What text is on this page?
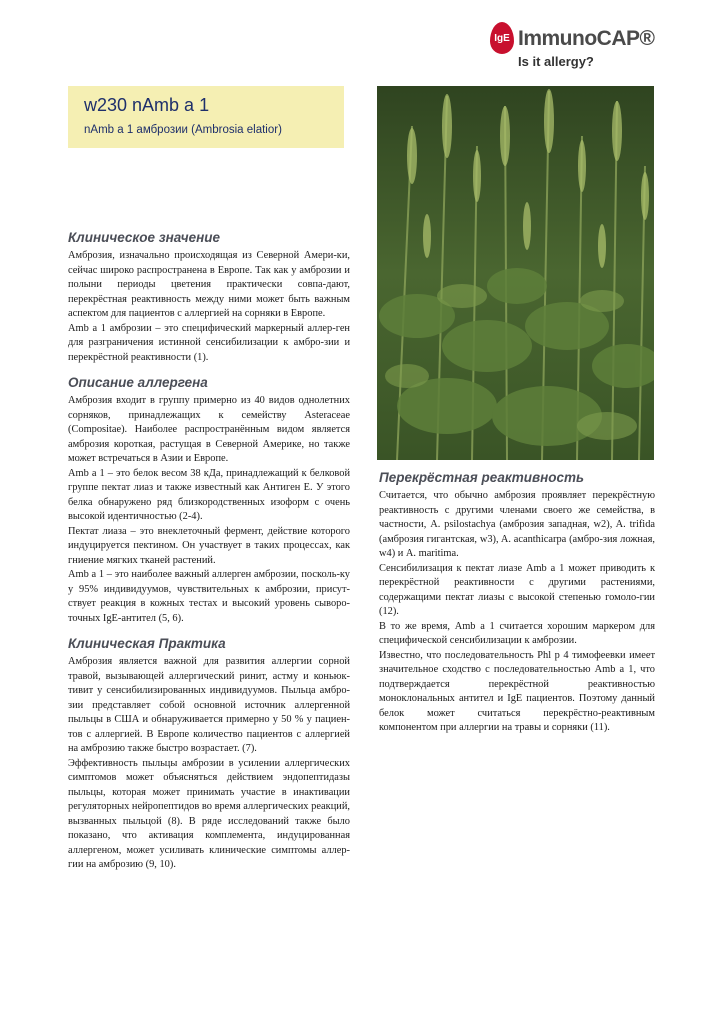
IgE ImmunoCAP®
Is it allergy?
w230 nAmb a 1
nAmb a 1 амброзии (Ambrosia elatior)
Клиническое значение

Амброзия, изначально происходящая из Северной Амери-ки, сейчас широко распространена в Европе. Так как у амброзии и полыни периоды цветения практически совпа-дают, перекрёстная реактивность между ними может быть важным аспектом для пациентов с аллергией на сорняки в Европе.

Amb a 1 амброзии – это специфический маркерный аллер-ген для разграничения истинной сенсибилизации к амбро-зии и перекрёстной реактивности (1).

Описание аллергена

Амброзия входит в группу примерно из 40 видов однолетних сорняков, принадлежащих к семейству Asteraceae (Compositae). Наиболее распространённым видом является амброзия короткая, растущая в Северной Америке, но также может встречаться в Азии и Европе.

Amb a 1 – это белок весом 38 кДа, принадлежащий к белковой группе пектат лиаз и также известный как Антиген E. У этого белка обнаружено ряд близкородственных изоформ с очень высокой идентичностью (2-4).

Пектат лиаза – это внеклеточный фермент, действие которого индуцируется пектином. Он участвует в таких процессах, как гниение мягких тканей растений.

Amb a 1 – это наиболее важный аллерген амброзии, посколь-ку у 95% индивидуумов, чувствительных к амброзии, присут-ствует реакция в кожных тестах и высокий уровень сыворо-точных IgE-антител (5, 6).

Клиническая Практика

Амброзия является важной для развития аллергии сорной травой, вызывающей аллергический ринит, астму и коньюк-тивит у сенсибилизированных индивидуумов. Пыльца амбро-зии представляет собой основной источник аллергенной пыльцы в США и обнаруживается примерно у 50 % у пациен-тов с аллергией. В Европе количество пациентов с аллергией на амброзию также быстро возрастает. (7).

Эффективность пыльцы амброзии в усилении аллергических симптомов может объясняться действием эндопептидазы пыльцы, которая может принимать участие в инактивации регуляторных нейропептидов во время аллергических реакций, вызванных пыльцой (8). В ряде исследований также было показано, что активация комплемента, индуцированная аллергеном, может усиливать клинические симптомы аллер-гии на амброзию (9, 10).

Перекрёстная реактивность

Считается, что обычно амброзия проявляет перекрёстную реактивность с другими членами своего же семейства, в частности, A. psilostachya (амброзия западная, w2), A. trifida (амброзия гигантская, w3), A. acanthicarpa (амбро-зия ложная, w4) и A. maritima.

Сенсибилизация к пектат лиазе Amb a 1 может приводить к перекрёстной реактивности с другими растениями, содержащими пектат лиазы с высокой степенью гомоло-гии (12).

В то же время, Amb a 1 считается хорошим маркером для специфической сенсибилизации к амброзии.

Известно, что последовательность Phl p 4 тимофеевки имеет значительное сходство с последовательностью Amb a 1, что подтверждается перекрёстной реактивностью моноклональных антител и IgE пациентов. Поэтому данный белок может считаться перекрёстно-реактивным компонентом при аллергии на травы и сорняки (11).
